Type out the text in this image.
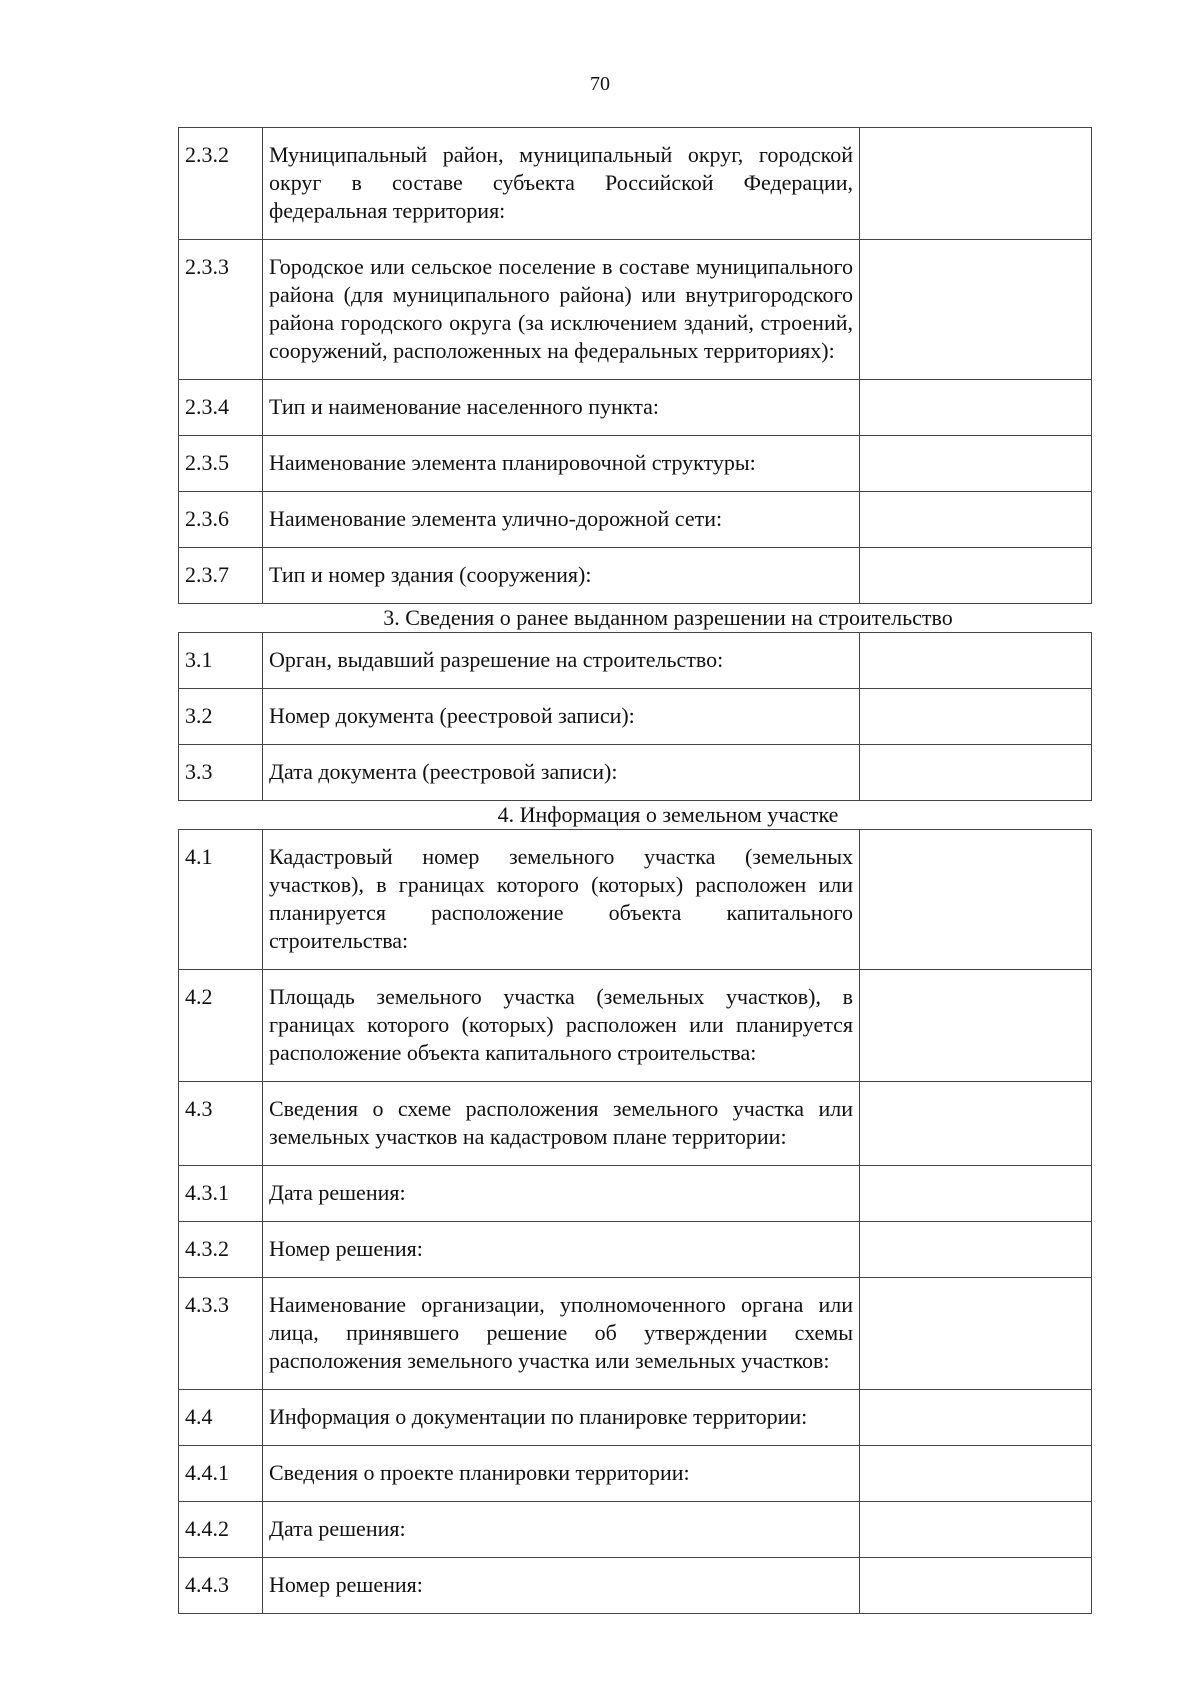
70
2.3.2	Муниципальный район, муниципальный округ, городской округ в составе субъекта Российской Федерации, федеральная территория:	
2.3.3	Городское или сельское поселение в составе муниципального района (для муниципального района) или внутригородского района городского округа (за исключением зданий, строений, сооружений, расположенных на федеральных территориях):	
2.3.4	Тип и наименование населенного пункта:	
2.3.5	Наименование элемента планировочной структуры:	
2.3.6	Наименование элемента улично-дорожной сети:	
2.3.7	Тип и номер здания (сооружения):	
3. Сведения о ранее выданном разрешении на строительство
3.1	Орган, выдавший разрешение на строительство:	
3.2	Номер документа (реестровой записи):	
3.3	Дата документа (реестровой записи):	
4. Информация о земельном участке
4.1	Кадастровый номер земельного участка (земельных участков), в границах которого (которых) расположен или планируется расположение объекта капитального строительства:	
4.2	Площадь земельного участка (земельных участков), в границах которого (которых) расположен или планируется расположение объекта капитального строительства:	
4.3	Сведения о схеме расположения земельного участка или земельных участков на кадастровом плане территории:	
4.3.1	Дата решения:	
4.3.2	Номер решения:	
4.3.3	Наименование организации, уполномоченного органа или лица, принявшего решение об утверждении схемы расположения земельного участка или земельных участков:	
4.4	Информация о документации по планировке территории:	
4.4.1	Сведения о проекте планировки территории:	
4.4.2	Дата решения:	
4.4.3	Номер решения:	
